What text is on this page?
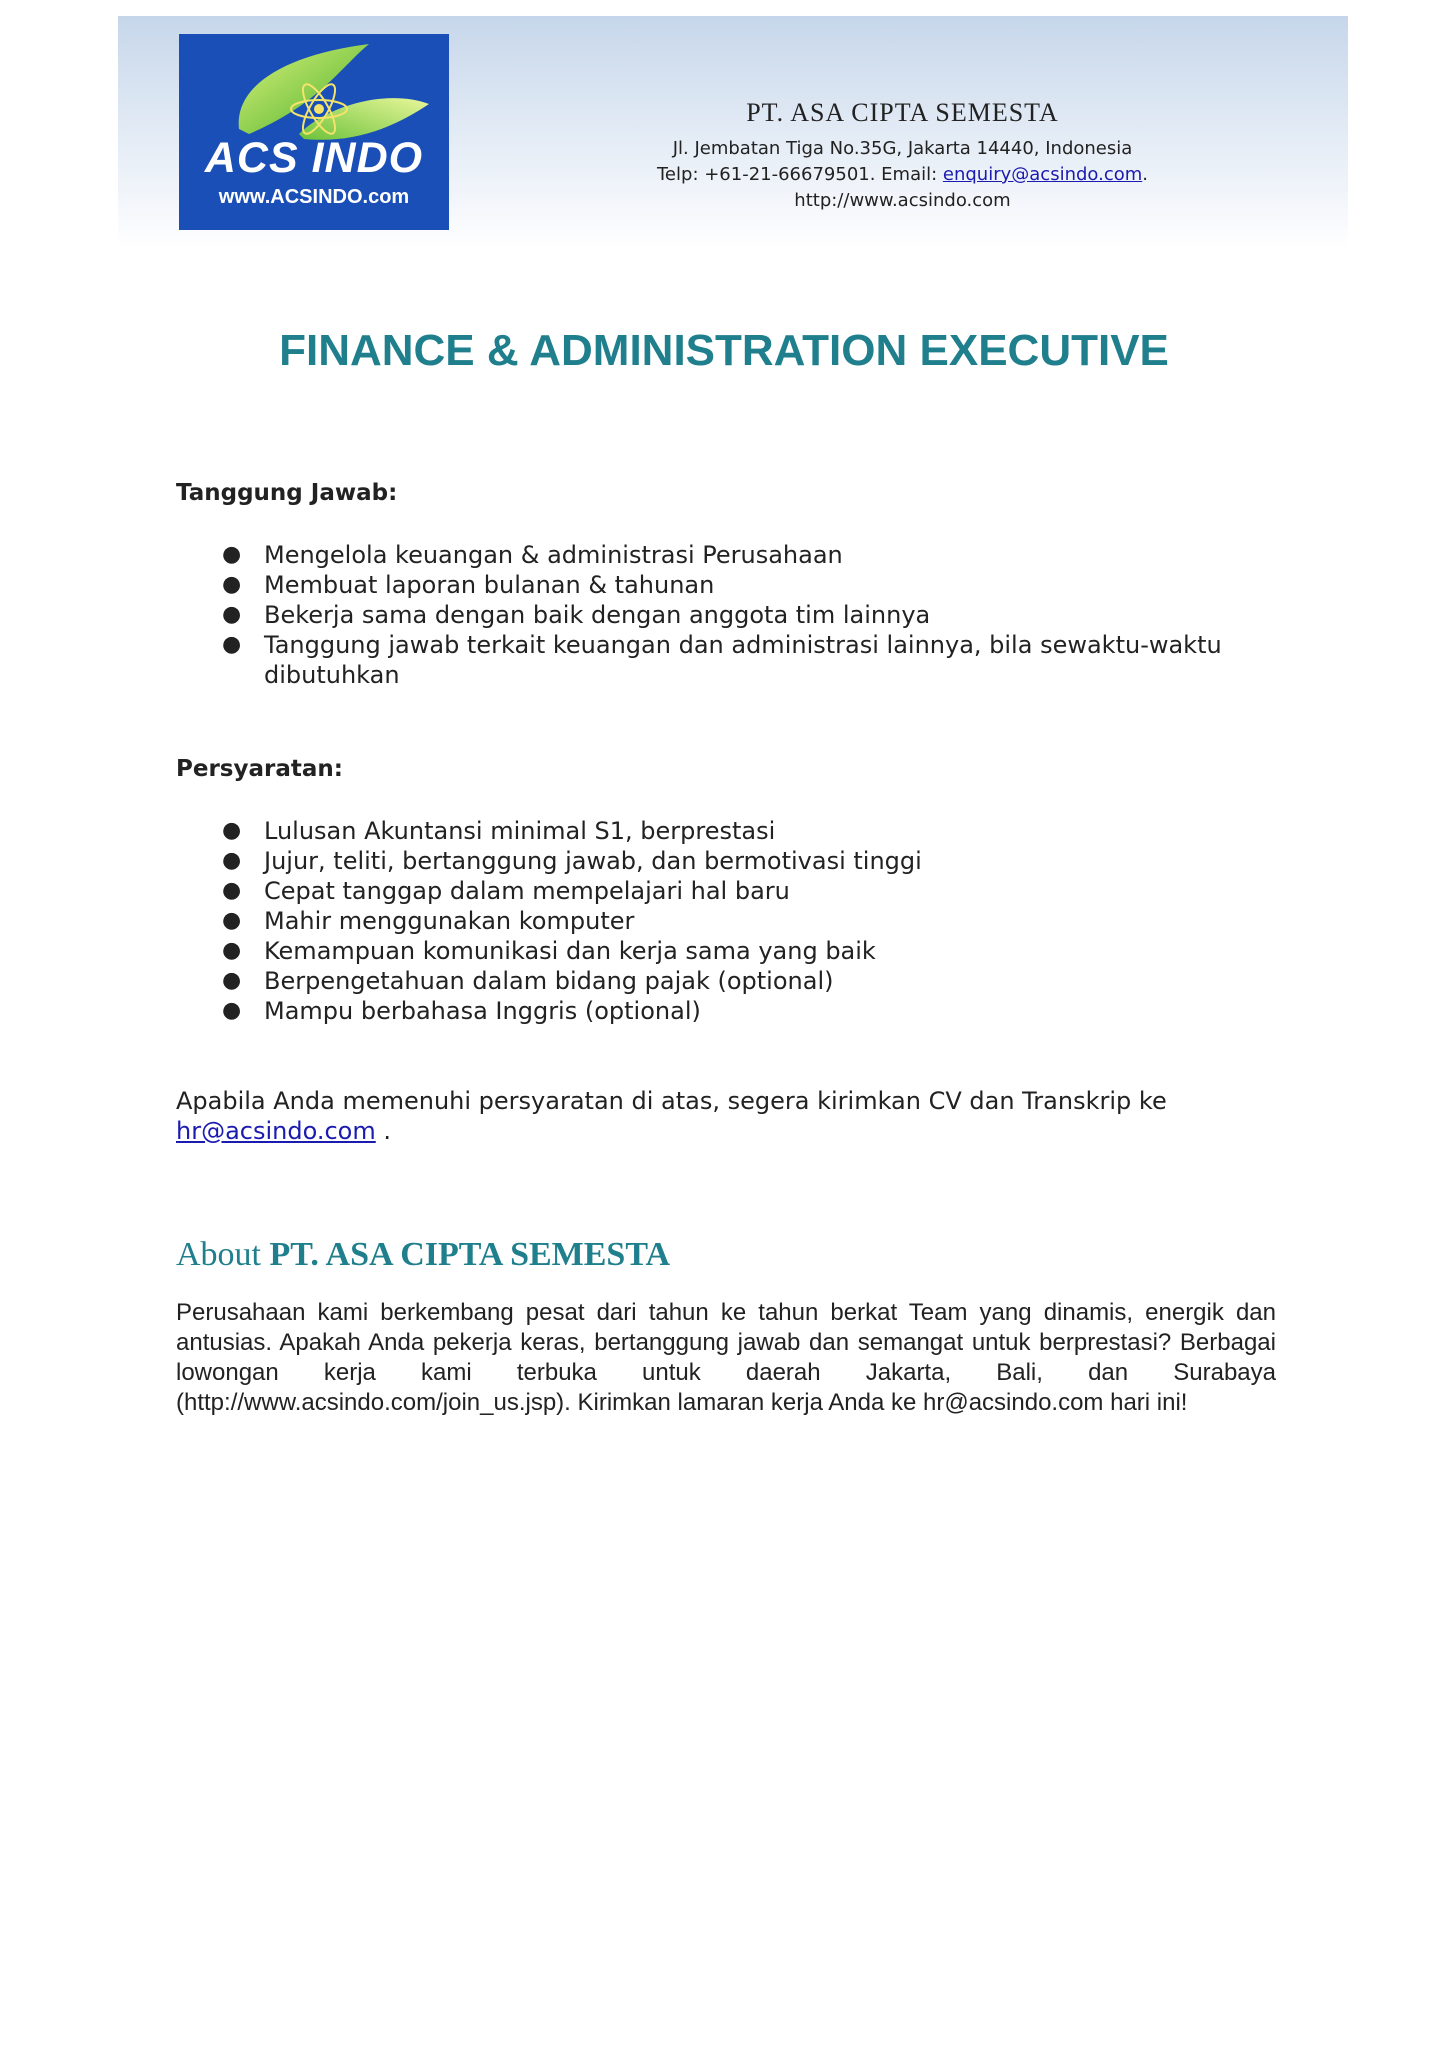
ACS INDO
www.ACSINDO.com
PT. ASA CIPTA SEMESTA
Jl. Jembatan Tiga No.35G, Jakarta 14440, Indonesia
Telp: +61-21-66679501. Email: enquiry@acsindo.com.
http://www.acsindo.com
FINANCE & ADMINISTRATION EXECUTIVE
Tanggung Jawab:
● Mengelola keuangan & administrasi Perusahaan
● Membuat laporan bulanan & tahunan
● Bekerja sama dengan baik dengan anggota tim lainnya
● Tanggung jawab terkait keuangan dan administrasi lainnya, bila sewaktu-waktu dibutuhkan
Persyaratan:
● Lulusan Akuntansi minimal S1, berprestasi
● Jujur, teliti, bertanggung jawab, dan bermotivasi tinggi
● Cepat tanggap dalam mempelajari hal baru
● Mahir menggunakan komputer
● Kemampuan komunikasi dan kerja sama yang baik
● Berpengetahuan dalam bidang pajak (optional)
● Mampu berbahasa Inggris (optional)
Apabila Anda memenuhi persyaratan di atas, segera kirimkan CV dan Transkrip ke
hr@acsindo.com .
About PT. ASA CIPTA SEMESTA
Perusahaan kami berkembang pesat dari tahun ke tahun berkat Team yang dinamis, energik dan antusias. Apakah Anda pekerja keras, bertanggung jawab dan semangat untuk berprestasi? Berbagai lowongan kerja kami terbuka untuk daerah Jakarta, Bali, dan Surabaya (http://www.acsindo.com/join_us.jsp). Kirimkan lamaran kerja Anda ke hr@acsindo.com hari ini!
